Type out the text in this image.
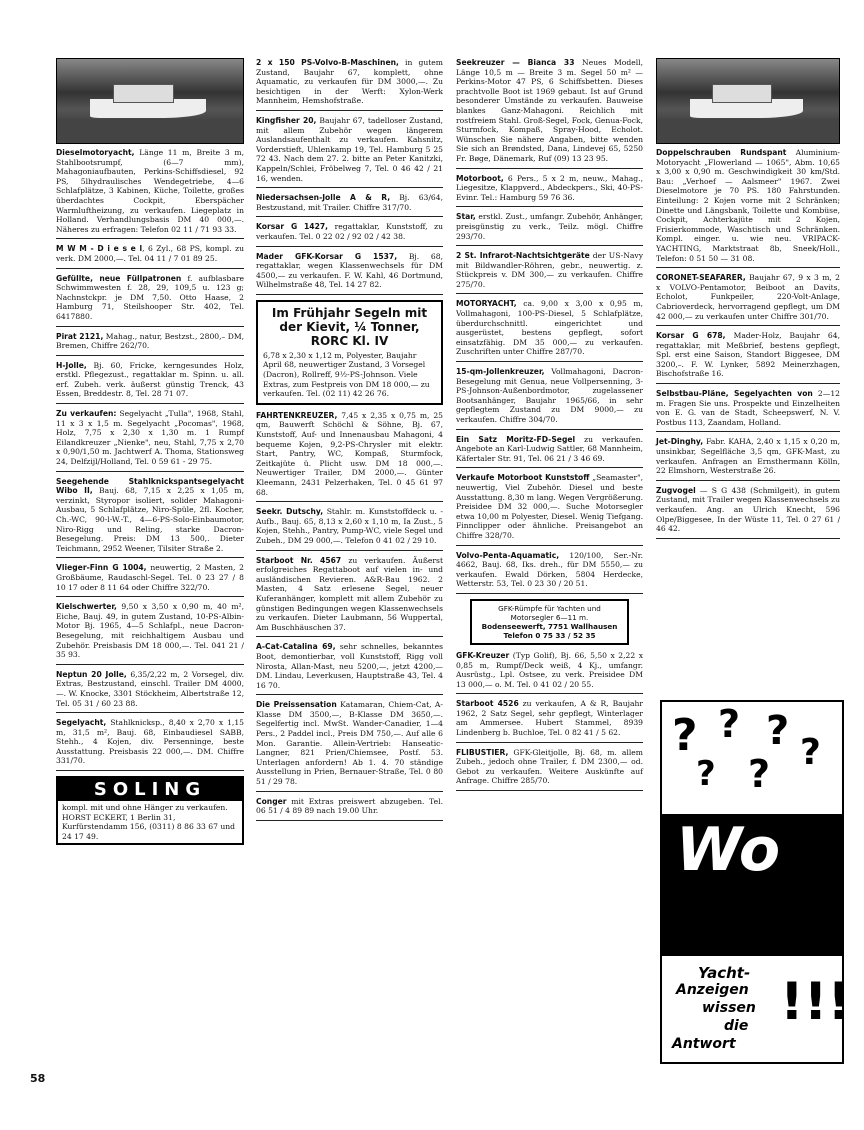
Dieselmotoryacht, Länge 11 m, Breite 3 m, Stahlbootsrumpf, (6—7 mm), Mahagoniaufbauten, Perkins-Schiffsdiesel, 92 PS, 5lhydraulisches Wendegetriebe, 4—6 Schlafplätze, 3 Kabinen, Küche, Toilette, großes überdachtes Cockpit, Eberspächer Warmluftheizung, zu verkaufen. Liegeplatz in Holland. Verhandlungsbasis DM 40 000,—. Näheres zu erfragen: Telefon 02 11 / 71 93 33.
M W M - D i e s e l, 6 Zyl., 68 PS, kompl. zu verk. DM 2000,—. Tel. 04 11 / 7 01 89 25.
Gefüllte, neue Füllpatronen f. aufblasbare Schwimmwesten f. 28, 29, 109,5 u. 123 g; Nachnstckpr. je DM 7,50. Otto Haase, 2 Hamburg 71, Steilshooper Str. 402, Tel. 6417880.
Pirat 2121, Mahag., natur, Bestzst., 2800,– DM, Bremen, Chiffre 262/70.
H-Jolle, Bj. 60, Fricke, kerngesundes Holz, erstkl. Pflegezust., regattaklar m. Spinn. u. all. erf. Zubeh. verk. äußerst günstig Trenck, 43 Essen, Breddestr. 8, Tel. 28 71 07.
Zu verkaufen: Segelyacht „Tulla", 1968, Stahl, 11 x 3 x 1,5 m. Segelyacht „Pocomas", 1968, Holz, 7,75 x 2,30 x 1,30 m. 1 Rumpf Eilandkreuzer „Nienke", neu, Stahl, 7,75 x 2,70 x 0,90/1,50 m. Jachtwerf A. Thoma, Stationsweg 24, Delfzijl/Holland, Tel. 0 59 61 - 29 75.
Seegehende Stahlknickspantsegelyacht Wibo II, Bauj. 68, 7,15 x 2,25 x 1,05 m, verzinkt, Styropor isoliert, solider Mahagoni-Ausbau, 5 Schlafplätze, Niro-Spüle, 2fl. Kocher, Ch.-WC, 90-l-W.-T., 4—6-PS-Solo-Einbaumotor, Niro-Rigg und Reling, starke Dacron-Besegelung. Preis: DM 13 500,. Dieter Teichmann, 2952 Weener, Tilsiter Straße 2.
Vlieger-Finn G 1004, neuwertig, 2 Masten, 2 Großbäume, Raudaschl-Segel. Tel. 0 23 27 / 8 10 17 oder 8 11 64 oder Chiffre 322/70.
Kielschwerter, 9,50 x 3,50 x 0,90 m, 40 m², Eiche, Bauj. 49, in gutem Zustand, 10-PS-Albin-Motor Bj. 1965, 4—5 Schlafpl., neue Dacron-Besegelung, mit reichhaltigem Ausbau und Zubehör. Preisbasis DM 18 000,—. Tel. 041 21 / 35 93.
Neptun 20 Jolle, 6,35/2,22 m, 2 Vorsegel, div. Extras, Bestzustand, einschl. Trailer DM 4000,—. W. Knocke, 3301 Stöckheim, Albertstraße 12, Tel. 05 31 / 60 23 88.
Segelyacht, Stahlknicksp., 8,40 x 2,70 x 1,15 m, 31,5 m², Bauj. 68, Einbaudiesel SABB, Stehh., 4 Kojen, div. Persenninge, beste Ausstattung. Preisbasis 22 000,—. DM. Chiffre 331/70.
SOLING
kompl. mit und ohne Hänger zu verkaufen. HORST ECKERT, 1 Berlin 31, Kurfürstendamm 156, (0311) 8 86 33 67 und 24 17 49.
2 x 150 PS-Volvo-B-Maschinen, in gutem Zustand, Baujahr 67, komplett, ohne Aquamatic, zu verkaufen für DM 3000,—. Zu besichtigen in der Werft: Xylon-Werk Mannheim, Hemshofstraße.
Kingfisher 20, Baujahr 67, tadelloser Zustand, mit allem Zubehör wegen längerem Auslandsaufenthalt zu verkaufen. Kahsnitz, Vorderstieft, Uhlenkamp 19, Tel. Hamburg 5 25 72 43. Nach dem 27. 2. bitte an Peter Kanitzki, Kappeln/Schlei, Fröbelweg 7, Tel. 0 46 42 / 21 16, wenden.
Niedersachsen-Jolle A & R, Bj. 63/64, Bestzustand, mit Trailer. Chiffre 317/70.
Korsar G 1427, regattaklar, Kunststoff, zu verkaufen. Tel. 0 22 02 / 92 02 / 42 38.
Mader GFK-Korsar G 1537, Bj. 68, regattaklar, wegen Klassenwechsels für DM 4500,— zu verkaufen. F. W. Kahl, 46 Dortmund, Wilhelmstraße 48, Tel. 14 27 82.
Im Frühjahr Segeln mit der Kievit, ¼ Tonner, RORC Kl. IV
6,78 x 2,30 x 1,12 m, Polyester, Baujahr April 68, neuwertiger Zustand, 3 Vorsegel (Dacron), Rollreff, 9½-PS-Johnson. Viele Extras, zum Festpreis von DM 18 000,— zu verkaufen. Tel. (02 11) 42 26 76.
FAHRTENKREUZER, 7,45 x 2,35 x 0,75 m, 25 qm, Bauwerft Schöchl & Söhne, Bj. 67, Kunststoff, Auf- und Innenausbau Mahagoni, 4 bequeme Kojen, 9,2-PS-Chrysler mit elektr. Start, Pantry, WC, Kompaß, Sturmfock, Zeitkajüte ü. Plicht usw. DM 18 000,—. Neuwertiger Trailer, DM 2000,—. Günter Kleemann, 2431 Pelzerhaken, Tel. 0 45 61 97 68.
Seekr. Dutschy, Stahlr. m. Kunststoffdeck u. -Aufb., Bauj. 65, 8,13 x 2,60 x 1,10 m, Ia Zust., 5 Kojen, Stehh., Pantry, Pump-WC, viele Segel und Zubeh., DM 29 000,—. Telefon 0 41 02 / 29 10.
Starboot Nr. 4567 zu verkaufen. Äußerst erfolgreiches Regattaboot auf vielen in- und ausländischen Revieren. A&R-Bau 1962. 2 Masten, 4 Satz erlesene Segel, neuer Kuferanhänger, komplett mit allem Zubehör zu günstigen Bedingungen wegen Klassenwechsels zu verkaufen. Dieter Laubmann, 56 Wuppertal, Am Buschhäuschen 37.
A-Cat-Catalina 69, sehr schnelles, bekanntes Boot, demontierbar, voll Kunststoff, Rigg voll Nirosta, Allan-Mast, neu 5200,—, jetzt 4200,— DM. Lindau, Leverkusen, Hauptstraße 43, Tel. 4 16 70.
Die Preissensation Katamaran, Chiem-Cat, A-Klasse DM 3500,—, B-Klasse DM 3650,—. Segelfertig incl. MwSt. Wander-Canadier, 1—4 Pers., 2 Paddel incl., Preis DM 750,—. Auf alle 6 Mon. Garantie. Allein-Vertrieb: Hanseatic-Langner, 821 Prien/Chiemsee, Postf. 53. Unterlagen anfordern! Ab 1. 4. 70 ständige Ausstellung in Prien, Bernauer-Straße, Tel. 0 80 51 / 29 78.
Conger mit Extras preiswert abzugeben. Tel. 06 51 / 4 89 89 nach 19.00 Uhr.
Seekreuzer — Bianca 33 Neues Modell, Länge 10,5 m — Breite 3 m. Segel 50 m² — Perkins-Motor 47 PS, 6 Schiffsbetten. Dieses prachtvolle Boot ist 1969 gebaut. Ist auf Grund besonderer Umstände zu verkaufen. Bauweise blankes Ganz-Mahagoni. Reichlich mit rostfreiem Stahl. Groß-Segel, Fock, Genua-Fock, Sturmfock, Kompaß, Spray-Hood, Echolot. Wünschen Sie nähere Angaben, bitte wenden Sie sich an Brøndsted, Dana, Lindevej 65, 5250 Fr. Bøge, Dänemark, Ruf (09) 13 23 95.
Motorboot, 6 Pers., 5 x 2 m, neuw., Mahag., Liegesitze, Klappverd., Abdeckpers., Ski, 40-PS-Evinr. Tel.: Hamburg 59 76 36.
Star, erstkl. Zust., umfangr. Zubehör, Anhänger, preisgünstig zu verk., Teilz. mögl. Chiffre 293/70.
2 St. Infrarot-Nachtsichtgeräte der US-Navy mit Bildwandler-Röhren, gebr., neuwertig. z. Stückpreis v. DM 300,— zu verkaufen. Chiffre 275/70.
MOTORYACHT, ca. 9,00 x 3,00 x 0,95 m, Vollmahagoni, 100-PS-Diesel, 5 Schlafplätze, überdurchschnittl. eingerichtet und ausgerüstet, bestens gepflegt, sofort einsatzfähig. DM 35 000,— zu verkaufen. Zuschriften unter Chiffre 287/70.
15-qm-Jollenkreuzer, Vollmahagoni, Dacron-Besegelung mit Genua, neue Vollpersenning, 3-PS-Johnson-Außenbordmotor, zugelassener Bootsanhänger, Baujahr 1965/66, in sehr gepflegtem Zustand zu DM 9000,— zu verkaufen. Chiffre 304/70.
Ein Satz Moritz-FD-Segel zu verkaufen. Angebote an Karl-Ludwig Sattler, 68 Mannheim, Käfertaler Str. 91, Tel. 06 21 / 3 46 69.
Verkaufe Motorboot Kunststoff „Seamaster", neuwertig, Viel Zubehör. Diesel und beste Ausstattung. 8,30 m lang. Wegen Vergrößerung. Preisidee DM 32 000,—. Suche Motorsegler etwa 10,00 m Polyester, Diesel. Wenig Tiefgang. Finnclipper oder ähnliche. Preisangebot an Chiffre 328/70.
Volvo-Penta-Aquamatic, 120/100, Ser.-Nr. 4662, Bauj. 68, Iks. dreh., für DM 5550,— zu verkaufen. Ewald Dörken, 5804 Herdecke, Wetterstr. 53, Tel. 0 23 30 / 20 51.
GFK-Rümpfe für Yachten und
Motorsegler 6—11 m.
Bodenseewerft, 7751 Wallhausen
Telefon 0 75 33 / 52 35
GFK-Kreuzer (Typ Golif), Bj. 66, 5,50 x 2,22 x 0,85 m, Rumpf/Deck weiß, 4 Kj., umfangr. Ausrüstg., Lpl. Ostsee, zu verk. Preisidee DM 13 000,— o. M. Tel. 0 41 02 / 20 55.
Starboot 4526 zu verkaufen, A & R, Baujahr 1962, 2 Satz Segel, sehr gepflegt, Winterlager am Ammersee. Hubert Stammel, 8939 Lindenberg b. Buchloe, Tel. 0 82 41 / 5 62.
FLIBUSTIER, GFK-Gleitjolle, Bj. 68, m. allem Zubeh., jedoch ohne Trailer, f. DM 2300,— od. Gebot zu verkaufen. Weitere Auskünfte auf Anfrage. Chiffre 285/70.
Doppelschrauben Rundspant Aluminium-Motoryacht „Flowerland — 1065", Abm. 10,65 x 3,00 x 0,90 m. Geschwindigkeit 30 km/Std. Bau: „Verhoef — Aalsmeer" 1967. Zwei Dieselmotore je 70 PS. 180 Fahrstunden. Einteilung: 2 Kojen vorne mit 2 Schränken; Dinette und Längsbank, Toilette und Kombüse, Cockpit, Achterkajüte mit 2 Kojen, Frisierkommode, Waschtisch und Schränken. Kompl. einger. u. wie neu. VRIPACK-YACHTING, Marktstraat 8b, Sneek/Holl., Telefon: 0 51 50 — 31 08.
CORONET-SEAFARER, Baujahr 67, 9 x 3 m, 2 x VOLVO-Pentamotor, Beiboot an Davits, Echolot, Funkpeiler, 220-Volt-Anlage, Cabrioverdeck, hervorragend gepflegt, um DM 42 000,— zu verkaufen unter Chiffre 301/70.
Korsar G 678, Mader-Holz, Baujahr 64, regattaklar, mit Meßbrief, bestens gepflegt, Spl. erst eine Saison, Standort Biggesee, DM 3200,–. F. W. Lynker, 5892 Meinerzhagen, Bischofstraße 16.
Selbstbau-Pläne, Segelyachten von 2—12 m. Fragen Sie uns. Prospekte und Einzelheiten von E. G. van de Stadt, Scheepswerf, N. V. Postbus 113, Zaandam, Holland.
Jet-Dinghy, Fabr. KAHA, 2,40 x 1,15 x 0,20 m, unsinkbar, Segelfläche 3,5 qm, GFK-Mast, zu verkaufen. Anfragen an Ernsthermann Kölln, 22 Elmshorn, Westerstraße 26.
Zugvogel — S G 438 (Schmilgeit), in gutem Zustand, mit Trailer wegen Klassenwechsels zu verkaufen. Ang. an Ulrich Knecht, 596 Olpe/Biggesee, In der Wüste 11, Tel. 0 27 61 / 46 42.
? ? ? ?
? ?
Wo
kaufe
ich
mein
Boot
Yacht-
Anzeigen
wissen
die
Antwort
!!!
58
